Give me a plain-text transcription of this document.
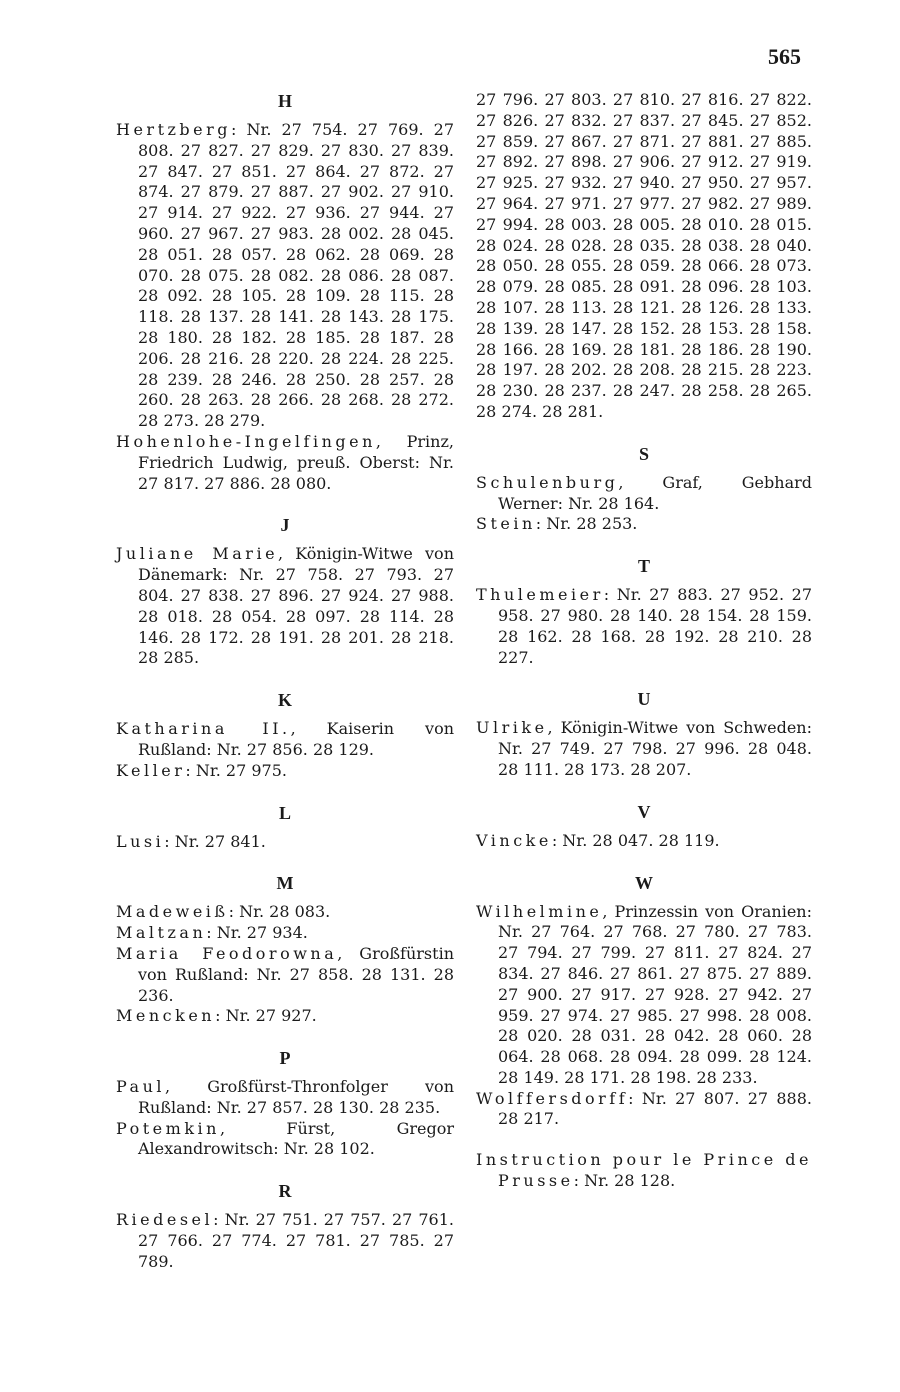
565
H
Hertzberg: Nr. 27 754. 27 769. 27 808. 27 827. 27 829. 27 830. 27 839. 27 847. 27 851. 27 864. 27 872. 27 874. 27 879. 27 887. 27 902. 27 910. 27 914. 27 922. 27 936. 27 944. 27 960. 27 967. 27 983. 28 002. 28 045. 28 051. 28 057. 28 062. 28 069. 28 070. 28 075. 28 082. 28 086. 28 087. 28 092. 28 105. 28 109. 28 115. 28 118. 28 137. 28 141. 28 143. 28 175. 28 180. 28 182. 28 185. 28 187. 28 206. 28 216. 28 220. 28 224. 28 225. 28 239. 28 246. 28 250. 28 257. 28 260. 28 263. 28 266. 28 268. 28 272. 28 273. 28 279.
Hohenlohe-Ingelfingen, Prinz, Friedrich Ludwig, preuß. Oberst: Nr. 27 817. 27 886. 28 080.
J
Juliane Marie, Königin-Witwe von Dänemark: Nr. 27 758. 27 793. 27 804. 27 838. 27 896. 27 924. 27 988. 28 018. 28 054. 28 097. 28 114. 28 146. 28 172. 28 191. 28 201. 28 218. 28 285.
K
Katharina II., Kaiserin von Rußland: Nr. 27 856. 28 129.
Keller: Nr. 27 975.
L
Lusi: Nr. 27 841.
M
Madeweiß: Nr. 28 083.
Maltzan: Nr. 27 934.
Maria Feodorowna, Großfürstin von Rußland: Nr. 27 858. 28 131. 28 236.
Mencken: Nr. 27 927.
P
Paul, Großfürst-Thronfolger von Rußland: Nr. 27 857. 28 130. 28 235.
Potemkin, Fürst, Gregor Alexandrowitsch: Nr. 28 102.
R
Riedesel: Nr. 27 751. 27 757. 27 761. 27 766. 27 774. 27 781. 27 785. 27 789.
27 796. 27 803. 27 810. 27 816. 27 822. 27 826. 27 832. 27 837. 27 845. 27 852. 27 859. 27 867. 27 871. 27 881. 27 885. 27 892. 27 898. 27 906. 27 912. 27 919. 27 925. 27 932. 27 940. 27 950. 27 957. 27 964. 27 971. 27 977. 27 982. 27 989. 27 994. 28 003. 28 005. 28 010. 28 015. 28 024. 28 028. 28 035. 28 038. 28 040. 28 050. 28 055. 28 059. 28 066. 28 073. 28 079. 28 085. 28 091. 28 096. 28 103. 28 107. 28 113. 28 121. 28 126. 28 133. 28 139. 28 147. 28 152. 28 153. 28 158. 28 166. 28 169. 28 181. 28 186. 28 190. 28 197. 28 202. 28 208. 28 215. 28 223. 28 230. 28 237. 28 247. 28 258. 28 265. 28 274. 28 281.
S
Schulenburg, Graf, Gebhard Werner: Nr. 28 164.
Stein: Nr. 28 253.
T
Thulemeier: Nr. 27 883. 27 952. 27 958. 27 980. 28 140. 28 154. 28 159. 28 162. 28 168. 28 192. 28 210. 28 227.
U
Ulrike, Königin-Witwe von Schweden: Nr. 27 749. 27 798. 27 996. 28 048. 28 111. 28 173. 28 207.
V
Vincke: Nr. 28 047. 28 119.
W
Wilhelmine, Prinzessin von Oranien: Nr. 27 764. 27 768. 27 780. 27 783. 27 794. 27 799. 27 811. 27 824. 27 834. 27 846. 27 861. 27 875. 27 889. 27 900. 27 917. 27 928. 27 942. 27 959. 27 974. 27 985. 27 998. 28 008. 28 020. 28 031. 28 042. 28 060. 28 064. 28 068. 28 094. 28 099. 28 124. 28 149. 28 171. 28 198. 28 233.
Wolffersdorff: Nr. 27 807. 27 888. 28 217.
Instruction pour le Prince de Prusse: Nr. 28 128.
